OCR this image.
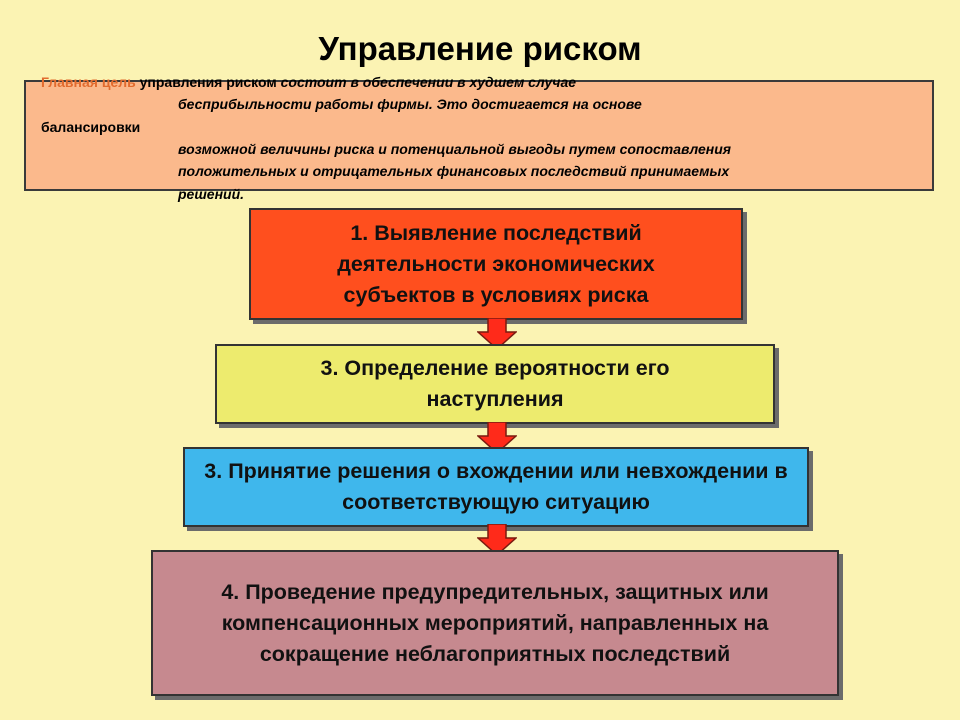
Управление риском
Главная цель управления риском состоит в обеспечении в худшем случае
бесприбыльности работы фирмы. Это достигается на основе
балансировки
возможной величины риска и потенциальной выгоды путем сопоставления
положительных и отрицательных финансовых последствий принимаемых
решений.
1. Выявление последствий деятельности экономических субъектов в условиях риска
3. Определение вероятности его наступления
3. Принятие решения о вхождении или невхождении в соответствующую ситуацию
4. Проведение предупредительных, защитных или компенсационных мероприятий, направленных на сокращение неблагоприятных последствий
